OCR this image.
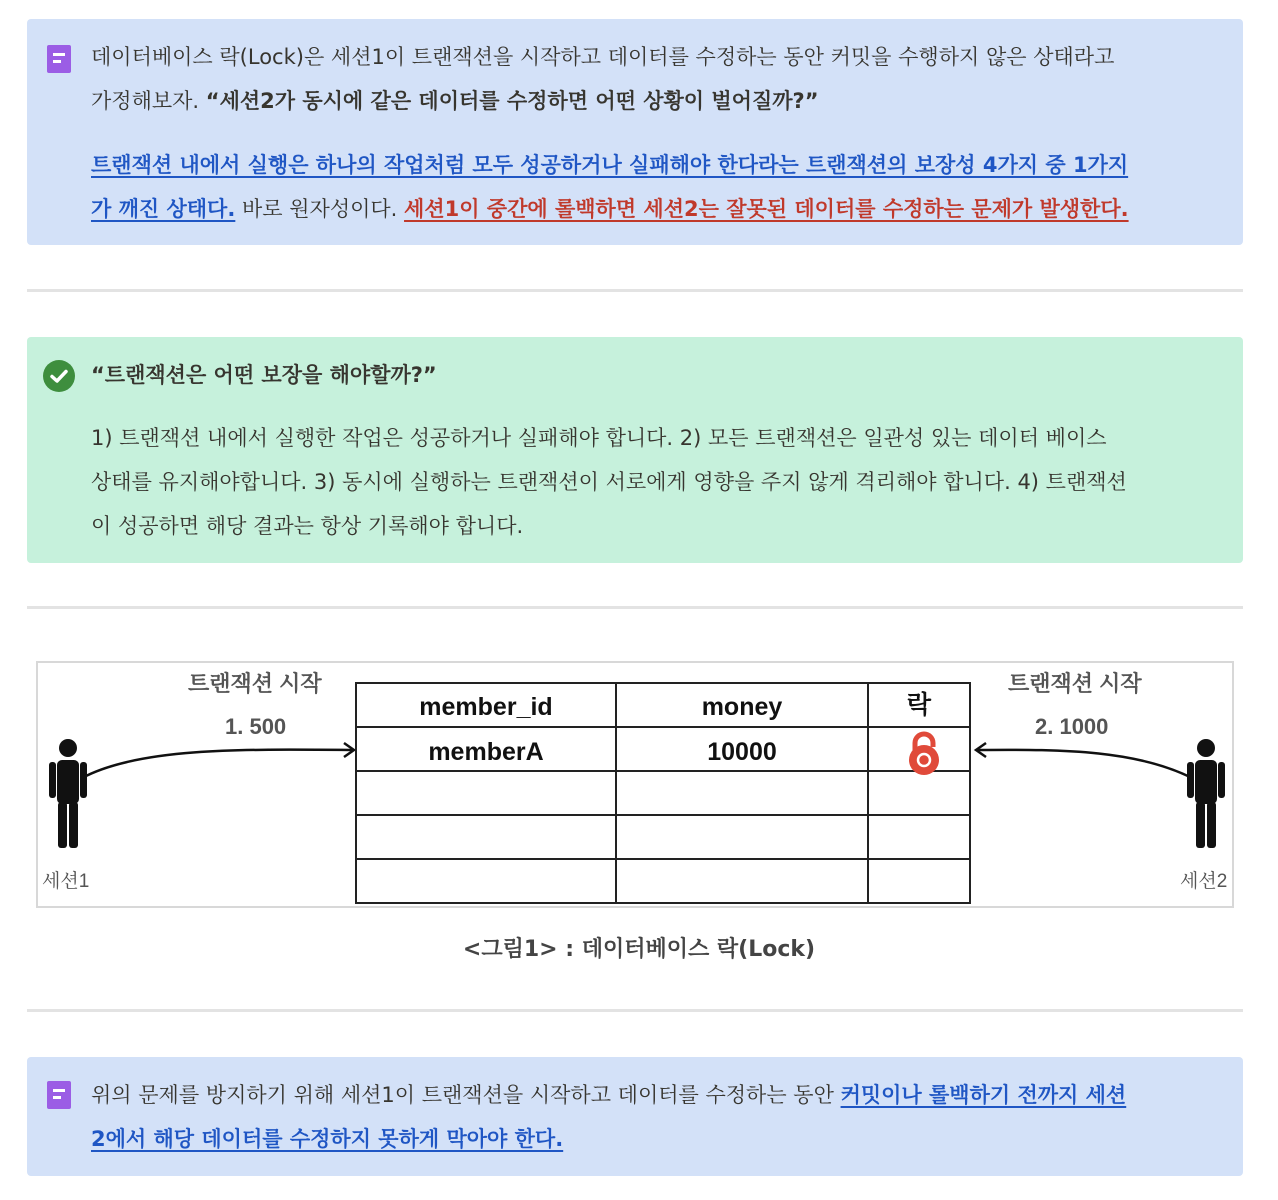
데이터베이스 락(Lock)은 세션1이 트랜잭션을 시작하고 데이터를 수정하는 동안 커밋을 수행하지 않은 상태라고
가정해보자. “세션2가 동시에 같은 데이터를 수정하면 어떤 상황이 벌어질까?”
트랜잭션 내에서 실행은 하나의 작업처럼 모두 성공하거나 실패해야 한다라는 트랜잭션의 보장성 4가지 중 1가지
가 깨진 상태다. 바로 원자성이다. 세션1이 중간에 롤백하면 세션2는 잘못된 데이터를 수정하는 문제가 발생한다.
“트랜잭션은 어떤 보장을 해야할까?”
1) 트랜잭션 내에서 실행한 작업은 성공하거나 실패해야 합니다. 2) 모든 트랜잭션은 일관성 있는 데이터 베이스
상태를 유지해야합니다. 3) 동시에 실행하는 트랜잭션이 서로에게 영향을 주지 않게 격리해야 합니다. 4) 트랜잭션
이 성공하면 해당 결과는 항상 기록해야 합니다.
세션1	세션2
트랜잭션 시작
1. 500
트랜잭션 시작
2. 1000
member_id	money	락
memberA	10000
<그림1> : 데이터베이스 락(Lock)
위의 문제를 방지하기 위해 세션1이 트랜잭션을 시작하고 데이터를 수정하는 동안 커밋이나 롤백하기 전까지 세션
2에서 해당 데이터를 수정하지 못하게 막아야 한다.
